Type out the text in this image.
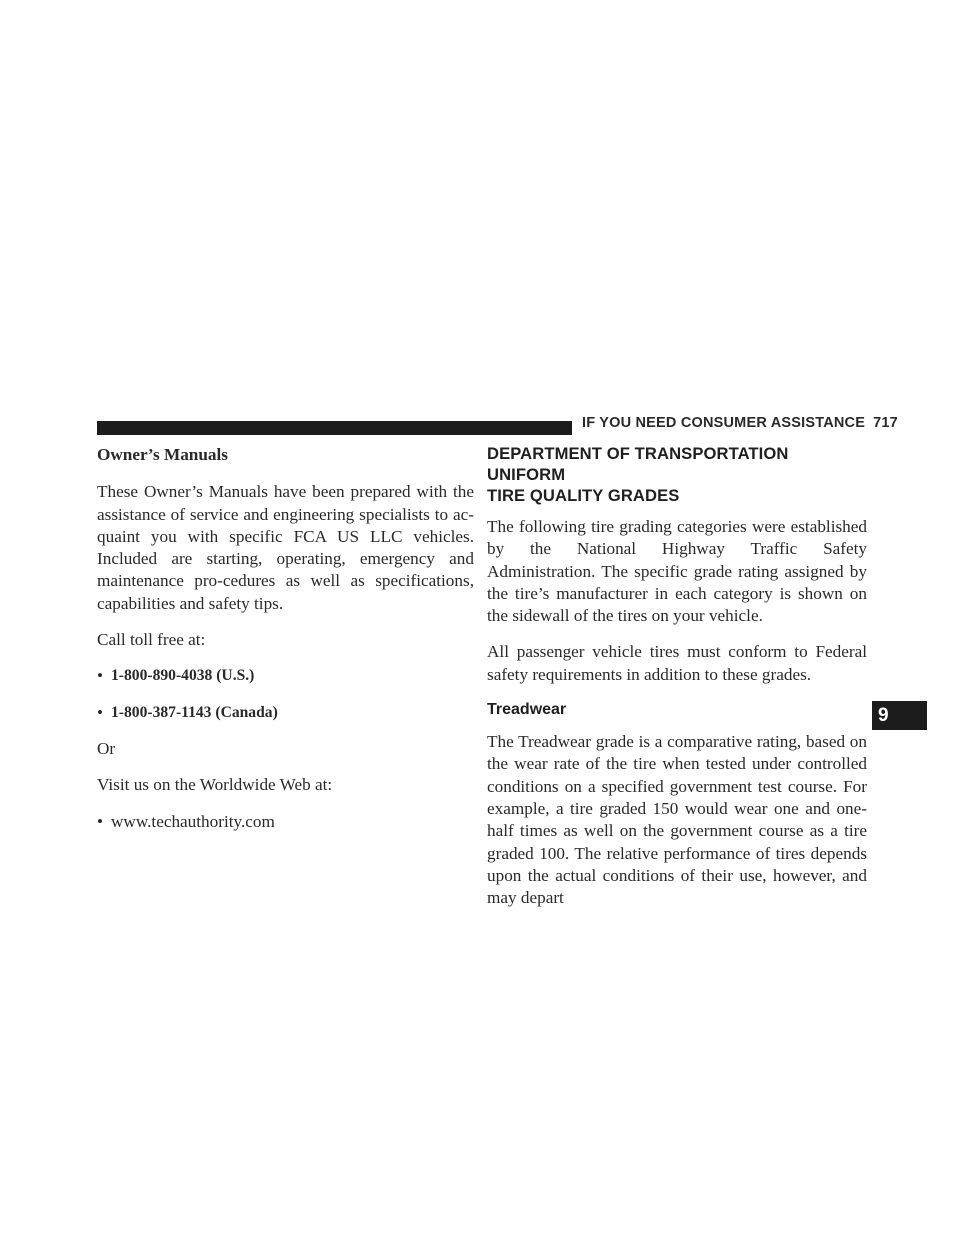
IF YOU NEED CONSUMER ASSISTANCE 717

Owner’s Manuals

These Owner’s Manuals have been prepared with the assistance of service and engineering specialists to ac-quaint you with specific FCA US LLC vehicles. Included are starting, operating, emergency and maintenance pro-cedures as well as specifications, capabilities and safety tips.

Call toll free at:

• 1-800-890-4038 (U.S.)
• 1-800-387-1143 (Canada)

Or

Visit us on the Worldwide Web at:

• www.techauthority.com
DEPARTMENT OF TRANSPORTATION UNIFORM
TIRE QUALITY GRADES

The following tire grading categories were established by the National Highway Traffic Safety Administration. The specific grade rating assigned by the tire’s manufacturer in each category is shown on the sidewall of the tires on your vehicle.

All passenger vehicle tires must conform to Federal safety requirements in addition to these grades.

Treadwear

The Treadwear grade is a comparative rating, based on the wear rate of the tire when tested under controlled conditions on a specified government test course. For example, a tire graded 150 would wear one and one-half times as well on the government course as a tire graded 100. The relative performance of tires depends upon the actual conditions of their use, however, and may depart

9
